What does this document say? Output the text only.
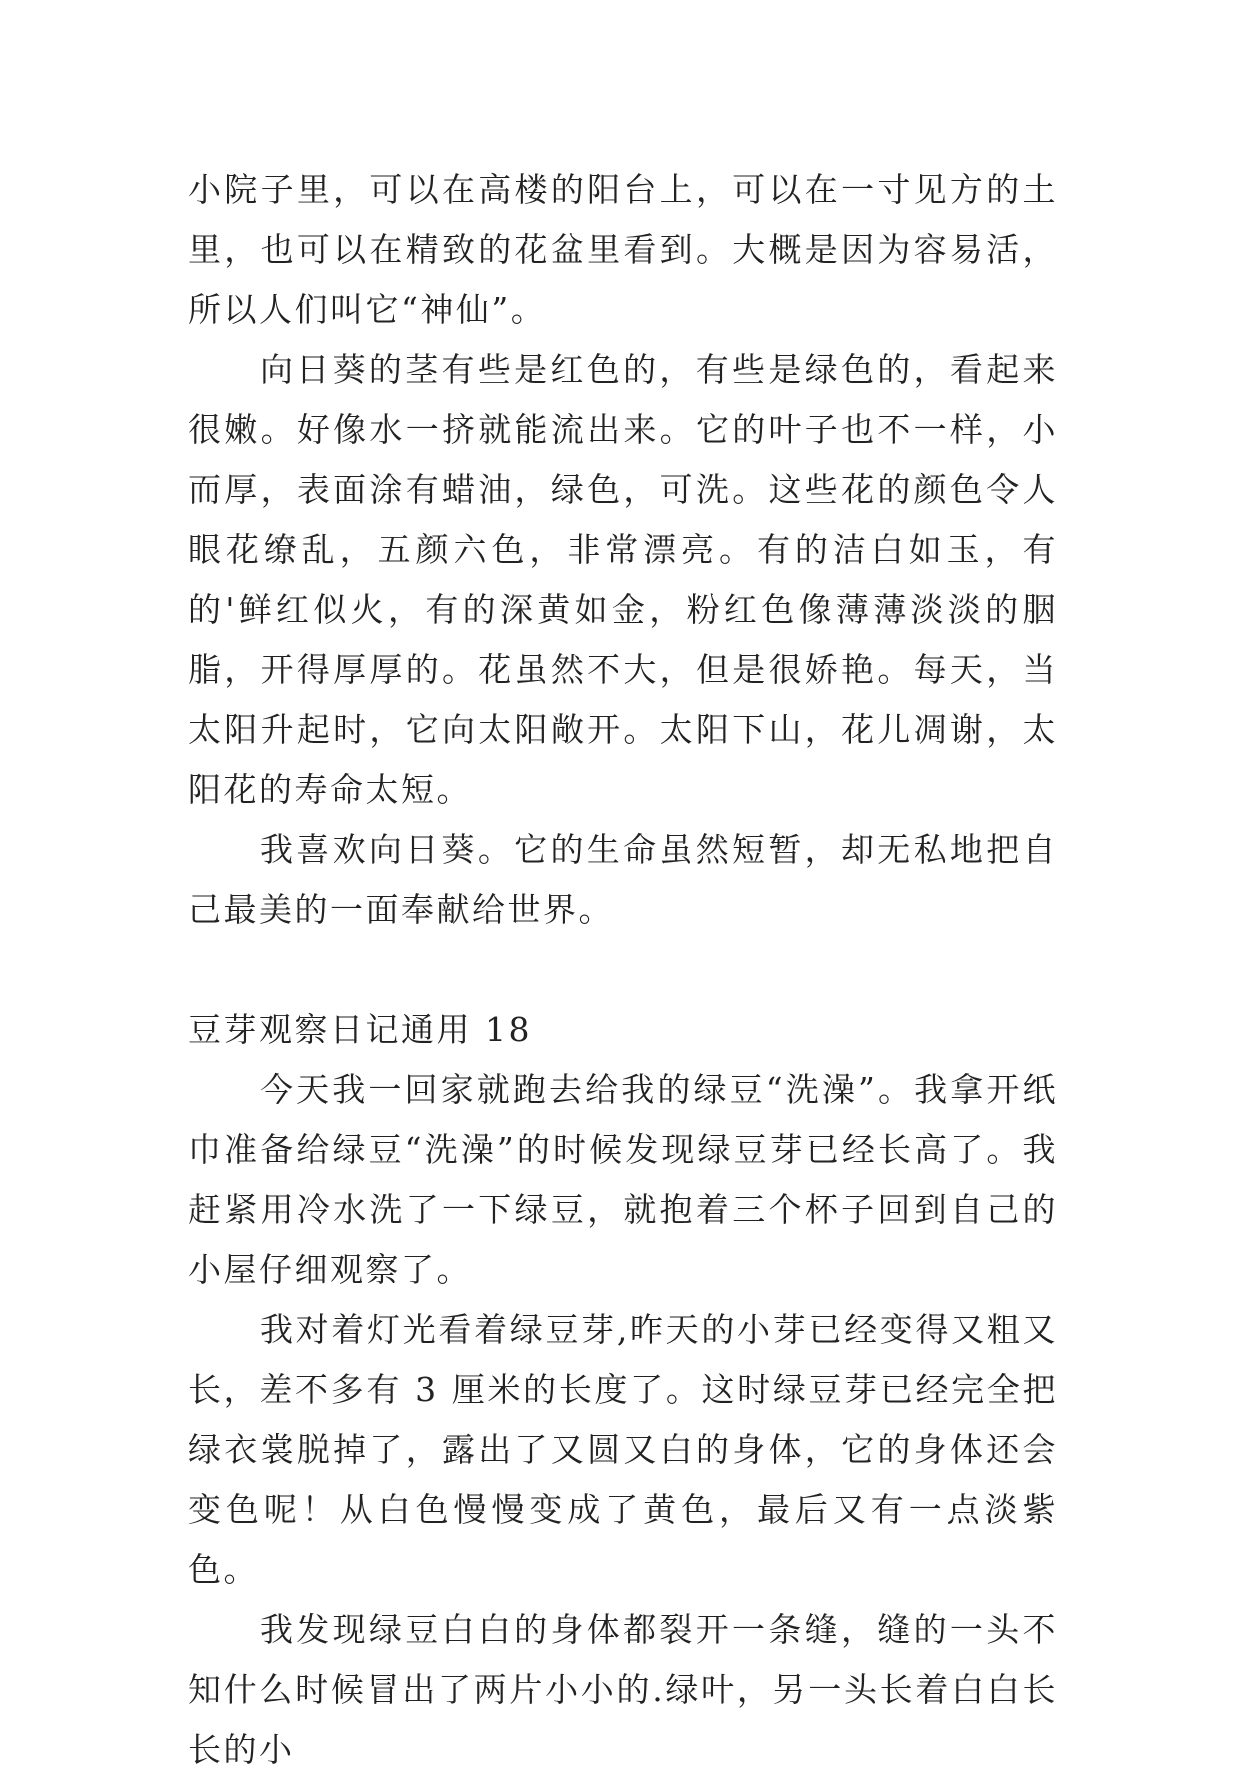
小院子里，可以在高楼的阳台上，可以在一寸见方的土里，也可以在精致的花盆里看到。大概是因为容易活，所以人们叫它“神仙”。

向日葵的茎有些是红色的，有些是绿色的，看起来很嫩。好像水一挤就能流出来。它的叶子也不一样，小而厚，表面涂有蜡油，绿色，可洗。这些花的颜色令人眼花缭乱，五颜六色，非常漂亮。有的洁白如玉，有的'鲜红似火，有的深黄如金，粉红色像薄薄淡淡的胭脂，开得厚厚的。花虽然不大，但是很娇艳。每天，当太阳升起时，它向太阳敞开。太阳下山，花儿凋谢，太阳花的寿命太短。

我喜欢向日葵。它的生命虽然短暂，却无私地把自己最美的一面奉献给世界。

豆芽观察日记通用 18

今天我一回家就跑去给我的绿豆“洗澡”。我拿开纸巾准备给绿豆“洗澡”的时候发现绿豆芽已经长高了。我赶紧用冷水洗了一下绿豆，就抱着三个杯子回到自己的小屋仔细观察了。

我对着灯光看着绿豆芽,昨天的小芽已经变得又粗又长，差不多有 3 厘米的长度了。这时绿豆芽已经完全把绿衣裳脱掉了，露出了又圆又白的身体，它的身体还会变色呢！从白色慢慢变成了黄色，最后又有一点淡紫色。

我发现绿豆白白的身体都裂开一条缝，缝的一头不知什么时候冒出了两片小小的.绿叶，另一头长着白白长长的小
